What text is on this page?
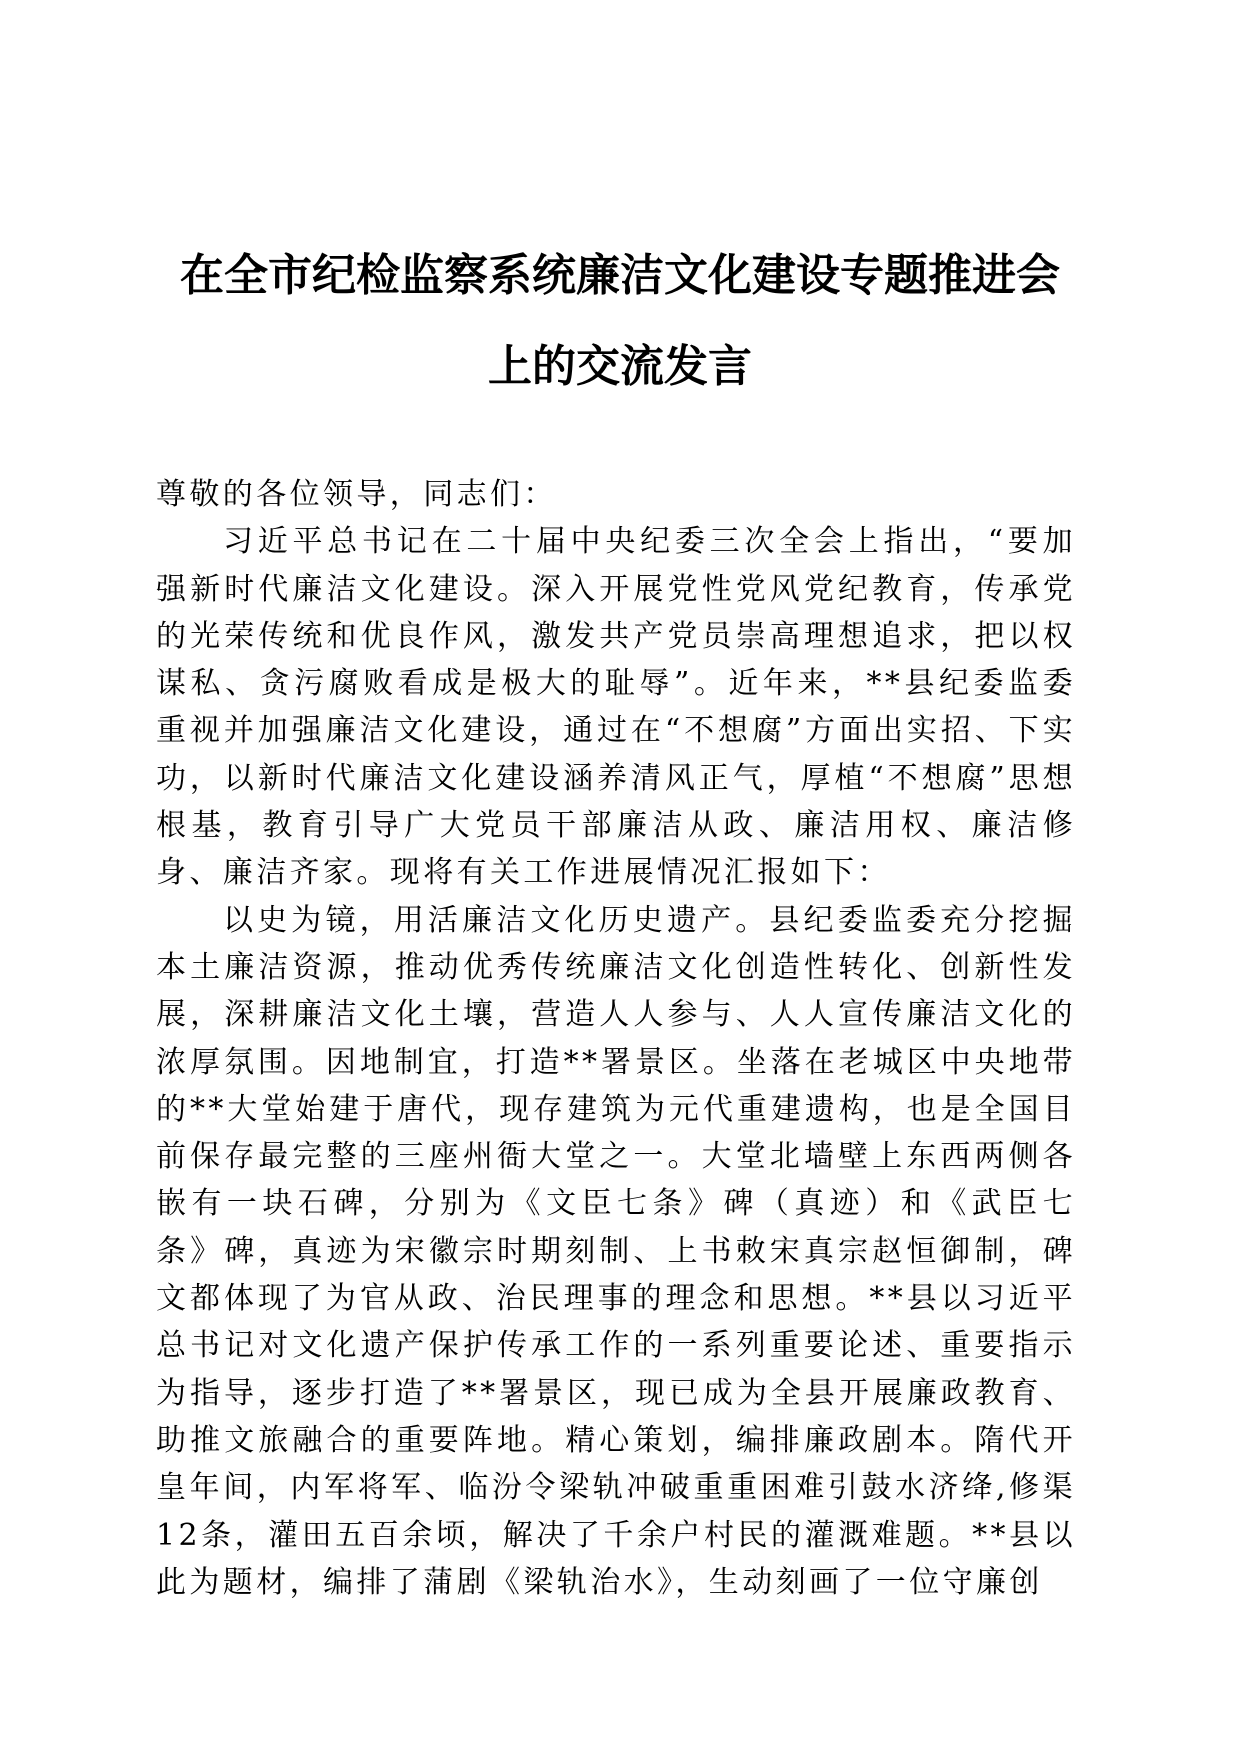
在全市纪检监察系统廉洁文化建设专题推进会
上的交流发言

尊敬的各位领导，同志们：

习近平总书记在二十届中央纪委三次全会上指出，“要加强新时代廉洁文化建设。深入开展党性党风党纪教育，传承党的光荣传统和优良作风，激发共产党员崇高理想追求，把以权谋私、贪污腐败看成是极大的耻辱”。近年来，**县纪委监委重视并加强廉洁文化建设，通过在“不想腐”方面出实招、下实功，以新时代廉洁文化建设涵养清风正气，厚植“不想腐”思想根基，教育引导广大党员干部廉洁从政、廉洁用权、廉洁修身、廉洁齐家。现将有关工作进展情况汇报如下：

以史为镜，用活廉洁文化历史遗产。县纪委监委充分挖掘本土廉洁资源，推动优秀传统廉洁文化创造性转化、创新性发展，深耕廉洁文化土壤，营造人人参与、人人宣传廉洁文化的浓厚氛围。因地制宜，打造**署景区。坐落在老城区中央地带的**大堂始建于唐代，现存建筑为元代重建遗构，也是全国目前保存最完整的三座州衙大堂之一。大堂北墙壁上东西两侧各嵌有一块石碑，分别为《文臣七条》碑（真迹）和《武臣七条》碑，真迹为宋徽宗时期刻制、上书敕宋真宗赵恒御制，碑文都体现了为官从政、治民理事的理念和思想。**县以习近平总书记对文化遗产保护传承工作的一系列重要论述、重要指示为指导，逐步打造了**署景区，现已成为全县开展廉政教育、助推文旅融合的重要阵地。精心策划，编排廉政剧本。隋代开皇年间，内军将军、临汾令梁轨冲破重重困难引鼓水济绛,修渠12条，灌田五百余顷，解决了千余户村民的灌溉难题。**县以此为题材，编排了蒲剧《梁轨治水》，生动刻画了一位守廉创
